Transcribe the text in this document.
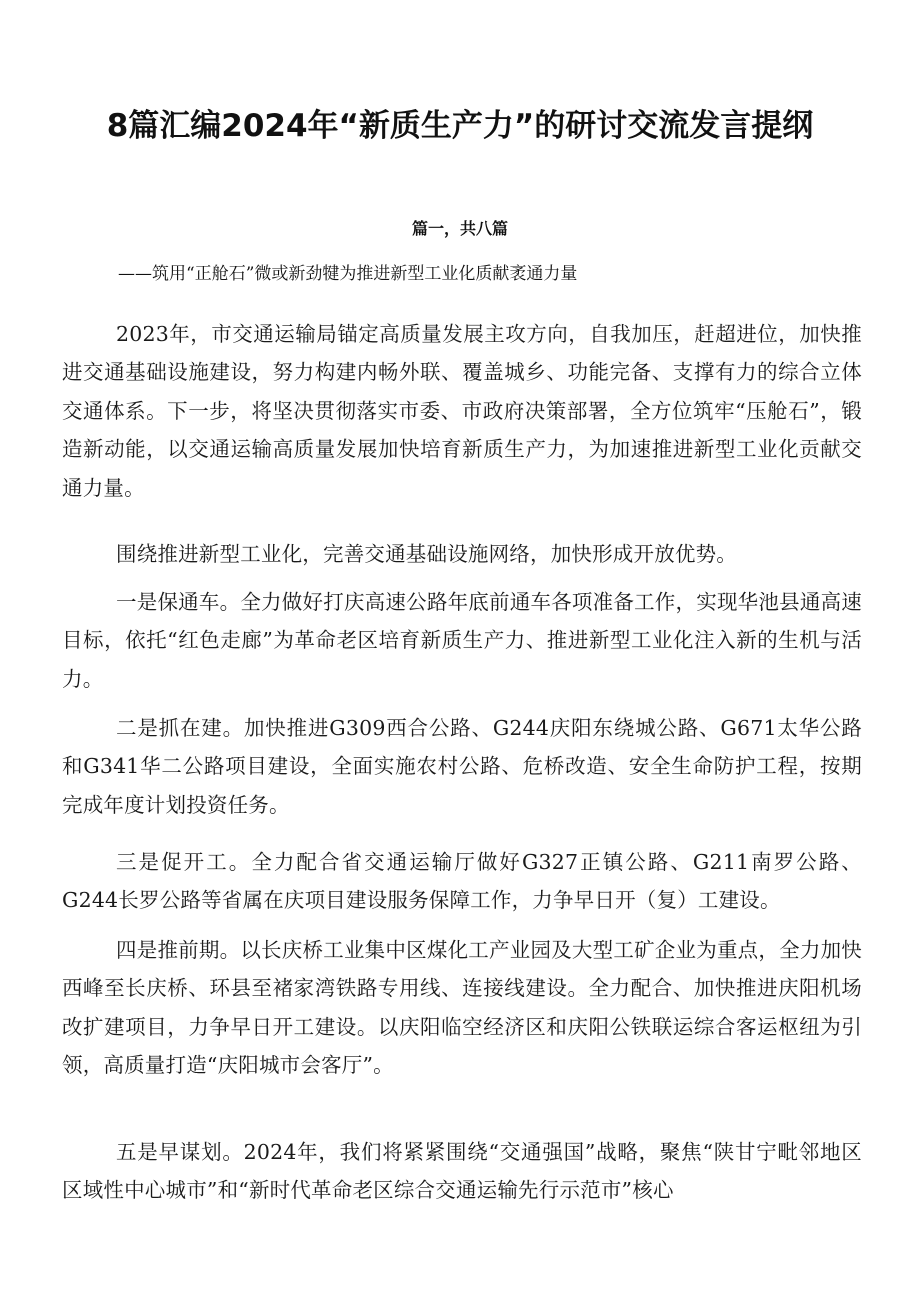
8篇汇编2024年“新质生产力”的研讨交流发言提纲
篇一，共八篇
——筑用“正舱石”微或新劲犍为推进新型工业化质献袤通力量

2023年，市交通运输局锚定高质量发展主攻方向，自我加压，赶超进位，加快推进交通基础设施建设，努力构建内畅外联、覆盖城乡、功能完备、支撑有力的综合立体交通体系。下一步，将坚决贯彻落实市委、市政府决策部署，全方位筑牢“压舱石”，锻造新动能，以交通运输高质量发展加快培育新质生产力，为加速推进新型工业化贡献交通力量。

围绕推进新型工业化，完善交通基础设施网络，加快形成开放优势。

一是保通车。全力做好打庆高速公路年底前通车各项准备工作，实现华池县通高速目标，依托“红色走廊”为革命老区培育新质生产力、推进新型工业化注入新的生机与活力。

二是抓在建。加快推进G309西合公路、G244庆阳东绕城公路、G671太华公路和G341华二公路项目建设，全面实施农村公路、危桥改造、安全生命防护工程，按期完成年度计划投资任务。

三是促开工。全力配合省交通运输厅做好G327正镇公路、G211南罗公路、G244长罗公路等省属在庆项目建设服务保障工作，力争早日开（复）工建设。

四是推前期。以长庆桥工业集中区煤化工产业园及大型工矿企业为重点，全力加快西峰至长庆桥、环县至褚家湾铁路专用线、连接线建设。全力配合、加快推进庆阳机场改扩建项目，力争早日开工建设。以庆阳临空经济区和庆阳公铁联运综合客运枢纽为引领，高质量打造“庆阳城市会客厅”。

五是早谋划。2024年，我们将紧紧围绕“交通强国”战略，聚焦“陕甘宁毗邻地区区域性中心城市”和“新时代革命老区综合交通运输先行示范市”核心
